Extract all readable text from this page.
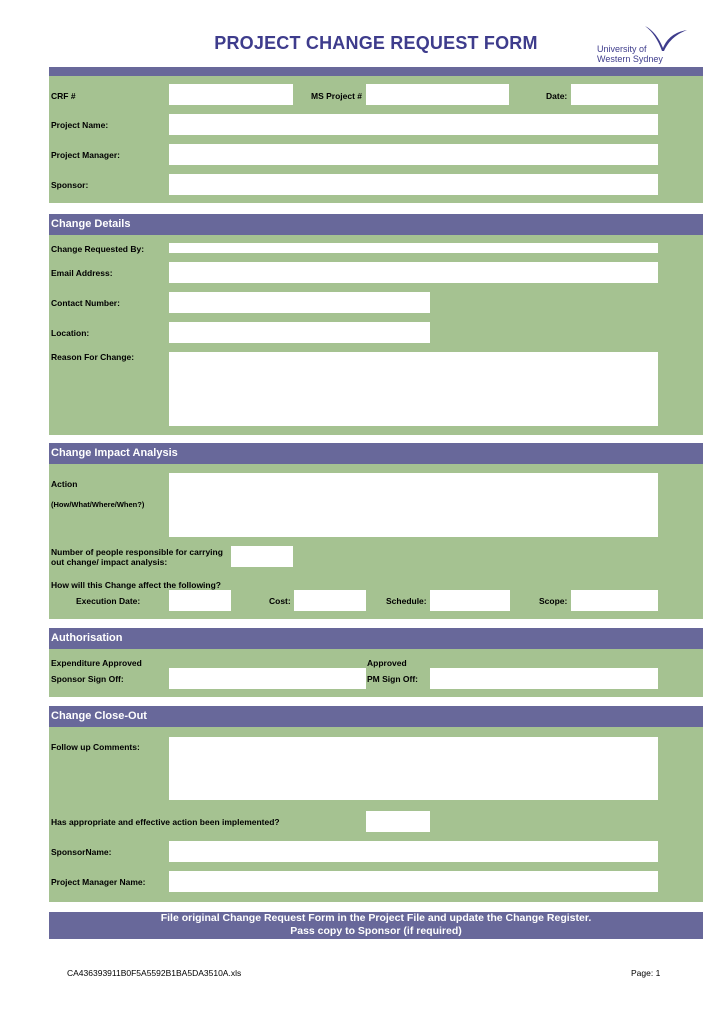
PROJECT CHANGE REQUEST FORM	University of
Western Sydney
CRF #	MS Project #	Date:
Project Name:
Project Manager:
Sponsor:
Change Details
Change Requested By:
Email Address:
Contact Number:
Location:
Reason For Change:
Change Impact Analysis
Action
(How/What/Where/When?)
Number of people responsible for carrying
out change/ impact analysis:
How will this Change affect the following?
Execution Date:	Cost:	Schedule:	Scope:
Authorisation
Expenditure Approved
Sponsor Sign Off:
Approved
PM Sign Off:
Change Close-Out
Follow up Comments:
Has appropriate and effective action been implemented?
SponsorName:
Project Manager Name:
File original Change Request Form in the Project File and update the Change Register.
Pass copy to Sponsor (if required)
CA436393911B0F5A5592B1BA5DA3510A.xls	Page: 1
